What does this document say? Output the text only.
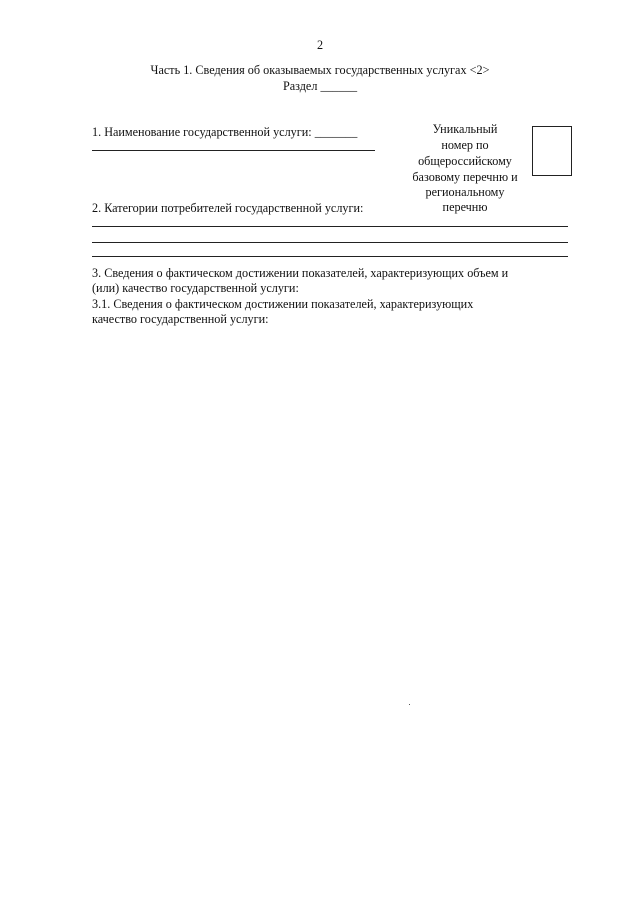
2
Часть 1. Сведения об оказываемых государственных услугах <2>
Раздел ______
1. Наименование государственной услуги: _______	Уникальный
номер по
общероссийскому
базовому перечню и
региональному
перечню
2. Категории потребителей государственной услуги:
3. Сведения о фактическом достижении показателей, характеризующих объем и
(или) качество государственной услуги:
3.1. Сведения о фактическом достижении показателей, характеризующих
качество государственной услуги:
